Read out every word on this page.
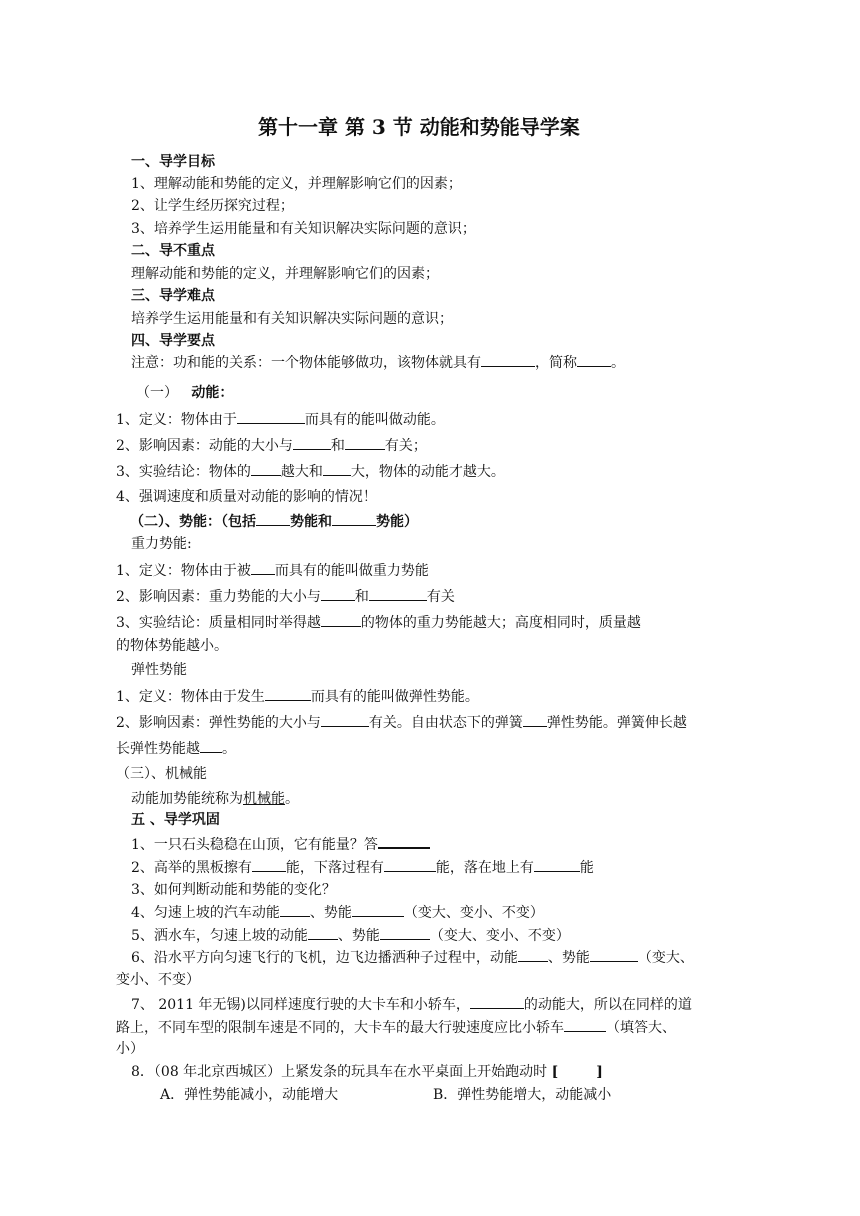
第十一章 第 3 节 动能和势能导学案
一、导学目标
1、理解动能和势能的定义，并理解影响它们的因素；
2、让学生经历探究过程；
3、培养学生运用能量和有关知识解决实际问题的意识；
二、导不重点
理解动能和势能的定义，并理解影响它们的因素；
三、导学难点
培养学生运用能量和有关知识解决实际问题的意识；
四、导学要点
注意：功和能的关系：一个物体能够做功，该物体就具有	，简称 。
（一） 动能：
1、定义：物体由于	而具有的能叫做动能。
2、影响因素：动能的大小与	和	有关；
3、实验结论：物体的 越大和 大，物体的动能才越大。
4、强调速度和质量对动能的影响的情况！
（二）、势能：（包括 势能和	势能）
重力势能:
1、定义：物体由于被 而具有的能叫做重力势能
2、影响因素：重力势能的大小与 和	有关
3、实验结论：质量相同时举得越	的物体的重力势能越大；高度相同时，质量越
的物体势能越小。
弹性势能
1、定义：物体由于发生	而具有的能叫做弹性势能。
2、影响因素：弹性势能的大小与	有关。自由状态下的弹簧 弹性势能。弹簧伸长越
长弹性势能越 。
（三）、机械能
动能加势能统称为机械能。
五 、导学巩固
1、一只石头稳稳在山顶，它有能量？答
2、高举的黑板擦有 能，下落过程有	能，落在地上有	能
3、如何判断动能和势能的变化？
4、匀速上坡的汽车动能 、势能	（变大、变小、不变）
5、洒水车，匀速上坡的动能 、势能	（变大、变小、不变）
6、沿水平方向匀速飞行的飞机，边飞边播洒种子过程中，动能 、势能	（变大、
变小、不变）
7、 2011 年无锡)以同样速度行驶的大卡车和小轿车，	的动能大，所以在同样的道
路上，不同车型的限制车速是不同的，大卡车的最大行驶速度应比小轿车	（填答大、
小）
8．（08 年北京西城区）上紧发条的玩具车在水平桌面上开始跑动时 [	]
A．弹性势能减小，动能增大	B．弹性势能增大，动能减小
